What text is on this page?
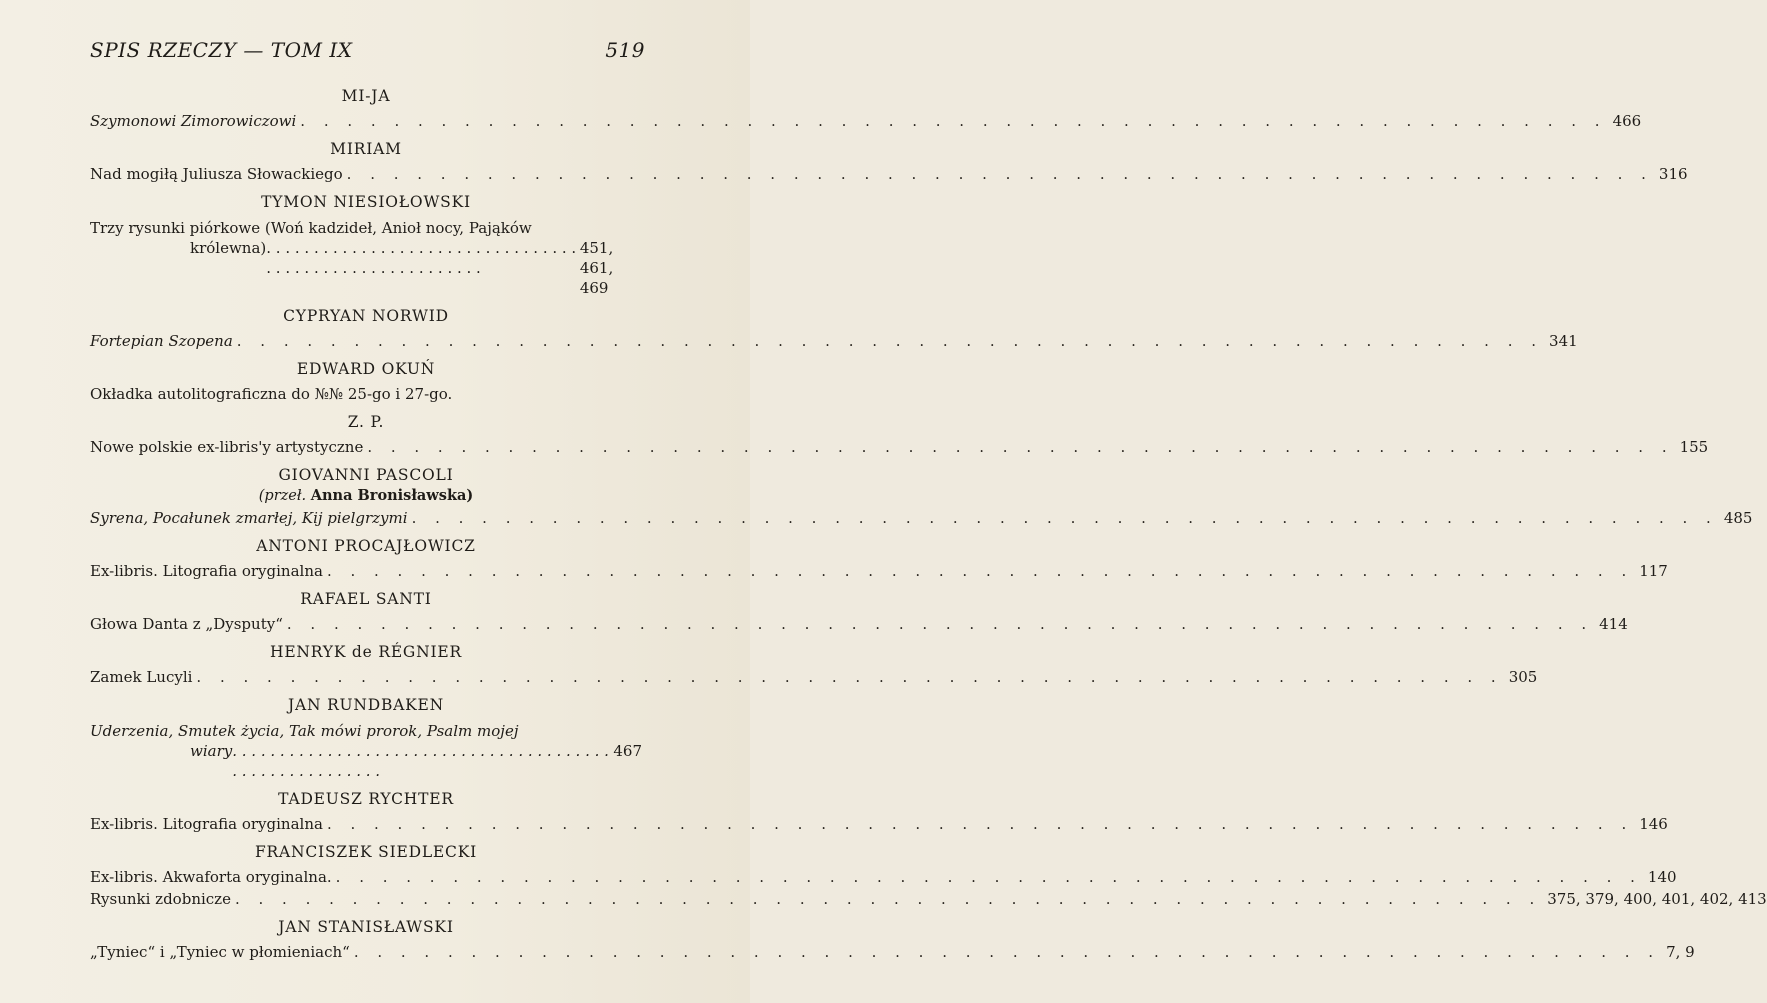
SPIS RZECZY — TOM IX	519
MI-JA
Szymonowi Zimorowiczowi . . . . . . . . . . . . . . . . . . . . . . . . . . . . . . . . . . . . . . . . . . . . . . . . . . . . . . . . 466
MIRIAM
Nad mogiłą Juliusza Słowackiego . . . . . . . . . . . . . . . . . . . . . . . . . . . . . . . . . . . . . . . . . . . . . . . . . . . . . . . . 316
TYMON NIESIOŁOWSKI
Trzy rysunki piórkowe (Woń kadzideł, Anioł nocy, Pająków
królewna) . . . . . . . . . . . . . . . . . . . . . . . . . . . . . . . . . . . . . . . . . . . . . . . . . . . . . . . .
451, 461, 469
CYPRYAN NORWID
Fortepian Szopena . . . . . . . . . . . . . . . . . . . . . . . . . . . . . . . . . . . . . . . . . . . . . . . . . . . . . . . . 341
EDWARD OKUŃ
Okładka autolitograficzna do №№ 25-go i 27-go.
Z. P.
Nowe polskie ex-libris'y artystyczne . . . . . . . . . . . . . . . . . . . . . . . . . . . . . . . . . . . . . . . . . . . . . . . . . . . . . . . . 155
GIOVANNI PASCOLI
(przeł. Anna Bronisławska)
Syrena, Pocałunek zmarłej, Kij pielgrzymi . . . . . . . . . . . . . . . . . . . . . . . . . . . . . . . . . . . . . . . . . . . . . . . . . . . . . . . . 485
ANTONI PROCAJŁOWICZ
Ex-libris. Litografia oryginalna . . . . . . . . . . . . . . . . . . . . . . . . . . . . . . . . . . . . . . . . . . . . . . . . . . . . . . . . 117
RAFAEL SANTI
Głowa Danta z „Dysputy“ . . . . . . . . . . . . . . . . . . . . . . . . . . . . . . . . . . . . . . . . . . . . . . . . . . . . . . . . 414
HENRYK de RÉGNIER
Zamek Lucyli . . . . . . . . . . . . . . . . . . . . . . . . . . . . . . . . . . . . . . . . . . . . . . . . . . . . . . . . 305
JAN RUNDBAKEN
Uderzenia, Smutek życia, Tak mówi prorok, Psalm mojej
wiary . . . . . . . . . . . . . . . . . . . . . . . . . . . . . . . . . . . . . . . . . . . . . . . . . . . . . . . .
467
TADEUSZ RYCHTER
Ex-libris. Litografia oryginalna . . . . . . . . . . . . . . . . . . . . . . . . . . . . . . . . . . . . . . . . . . . . . . . . . . . . . . . . 146
FRANCISZEK SIEDLECKI
Ex-libris. Akwaforta oryginalna. . . . . . . . . . . . . . . . . . . . . . . . . . . . . . . . . . . . . . . . . . . . . . . . . . . . . . . . . 140
Rysunki zdobnicze . . . . . . . . . . . . . . . . . . . . . . . . . . . . . . . . . . . . . . . . . . . . . . . . . . . . . . . . 375, 379, 400, 401, 402, 413
JAN STANISŁAWSKI
„Tyniec“ i „Tyniec w płomieniach“ . . . . . . . . . . . . . . . . . . . . . . . . . . . . . . . . . . . . . . . . . . . . . . . . . . . . . . . . 7, 9
